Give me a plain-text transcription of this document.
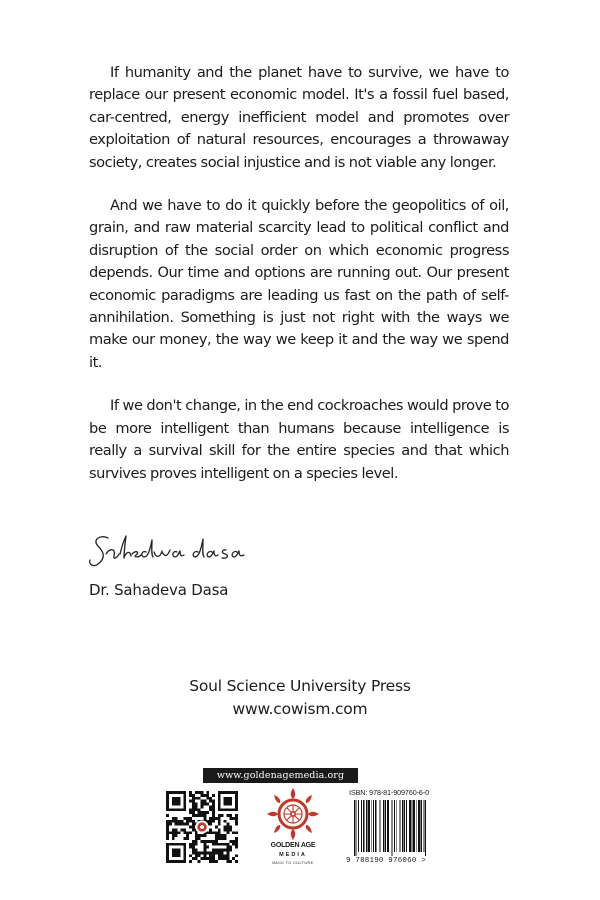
If humanity and the planet have to survive, we have to replace our present economic model. It's a fossil fuel based, car-centred, energy inefficient model and promotes over exploitation of natural resources, encourages a throwaway society, creates social injustice and is not viable any longer.

And we have to do it quickly before the geopolitics of oil, grain, and raw material scarcity lead to political conflict and disruption of the social order on which economic progress depends. Our time and options are running out. Our present economic paradigms are leading us fast on the path of self-annihilation. Something is just not right with the ways we make our money, the way we keep it and the way we spend it.

If we don't change, in the end cockroaches would prove to be more intelligent than humans because intelligence is really a survival skill for the entire species and that which survives proves intelligent on a species level.

Dr. Sahadeva Dasa
Soul Science University Press
www.cowism.com
www.goldenagemedia.org
GOLDEN AGE
MEDIA
BACK TO CULTURE
ISBN: 978-81-909760-6-0
9 788190 976060 >
